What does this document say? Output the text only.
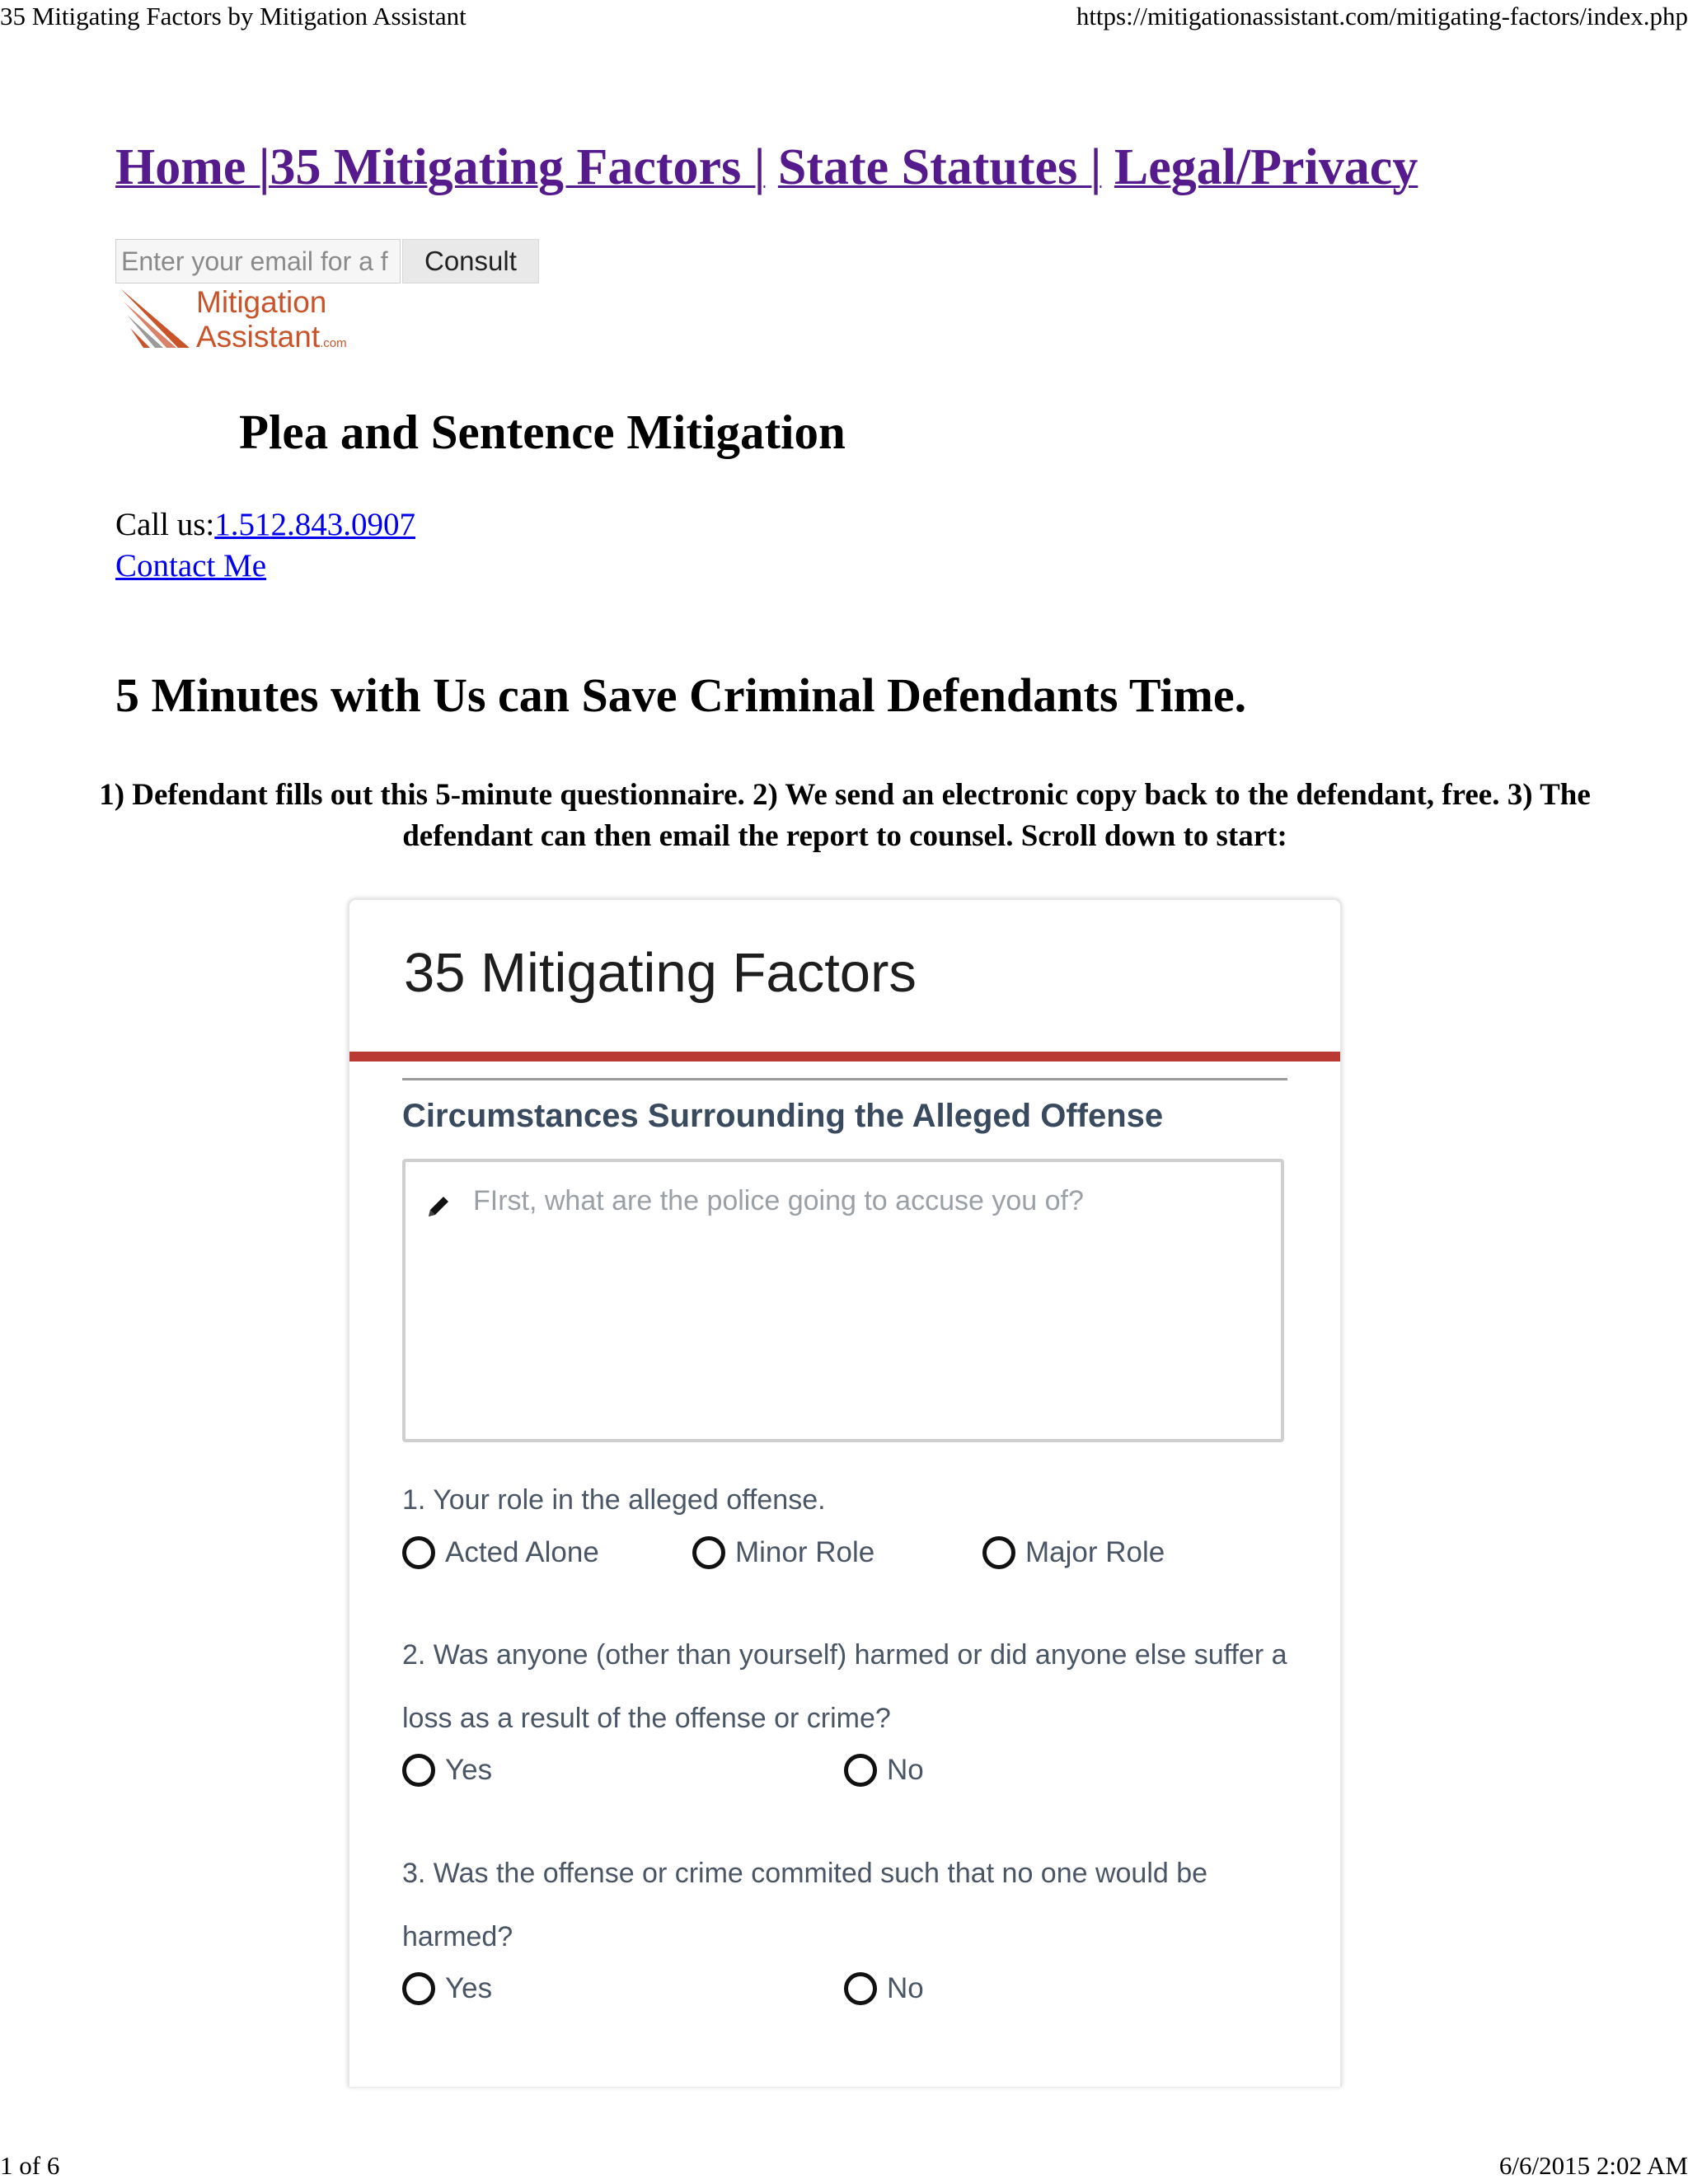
35 Mitigating Factors by Mitigation Assistant	https://mitigationassistant.com/mitigating-factors/index.php
Home |35 Mitigating Factors | State Statutes | Legal/Privacy
Enter your email for a f
Consult
Mitigation
Assistant.com
Plea and Sentence Mitigation
Call us:1.512.843.0907
Contact Me
5 Minutes with Us can Save Criminal Defendants Time.
1) Defendant fills out this 5-minute questionnaire. 2) We send an electronic copy back to the defendant, free. 3) The defendant can then email the report to counsel. Scroll down to start:
35 Mitigating Factors
Circumstances Surrounding the Alleged Offense
FIrst, what are the police going to accuse you of?
1. Your role in the alleged offense.
Acted Alone	Minor Role	Major Role
2. Was anyone (other than yourself) harmed or did anyone else suffer a loss as a result of the offense or crime?
Yes	No
3. Was the offense or crime commited such that no one would be harmed?
Yes	No
1 of 6	6/6/2015 2:02 AM
